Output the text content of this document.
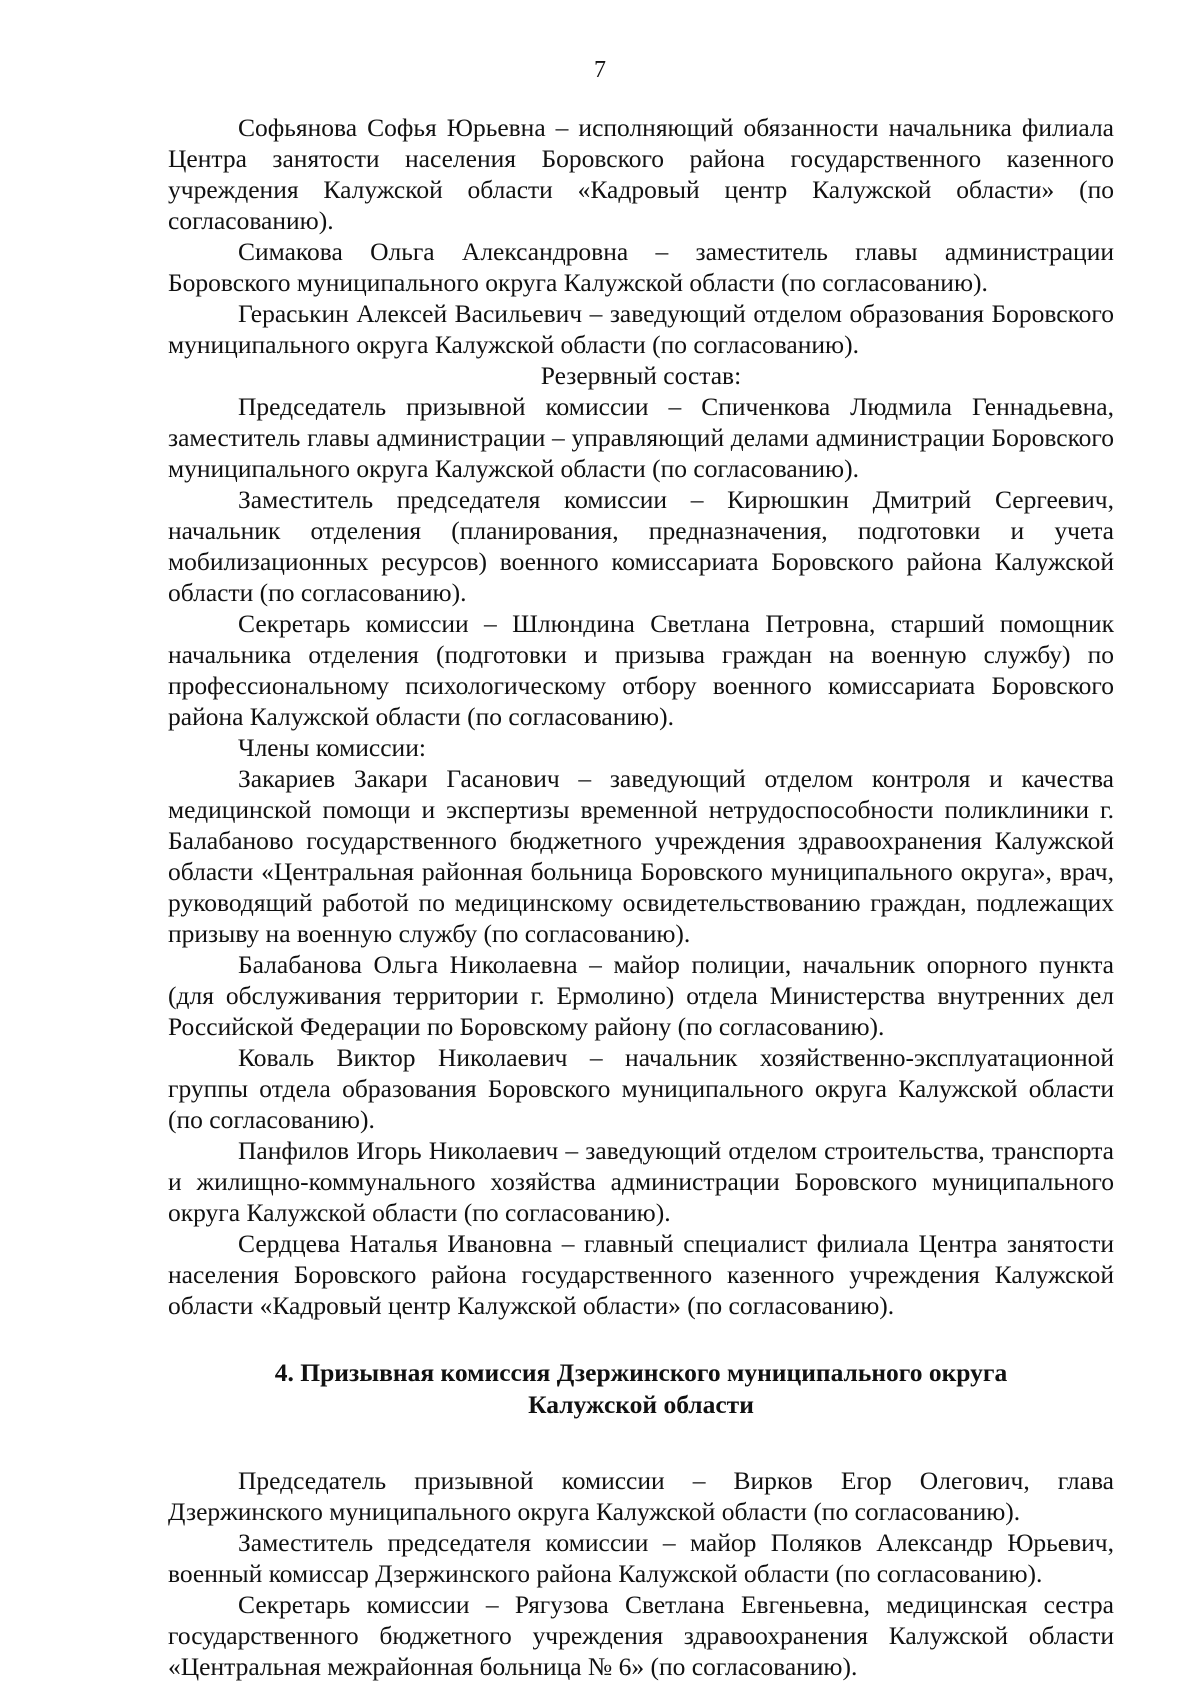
7

Софьянова Софья Юрьевна – исполняющий обязанности начальника филиала Центра занятости населения Боровского района государственного казенного учреждения Калужской области «Кадровый центр Калужской области» (по согласованию).

Симакова Ольга Александровна – заместитель главы администрации Боровского муниципального округа Калужской области (по согласованию).

Гераськин Алексей Васильевич – заведующий отделом образования Боровского муниципального округа Калужской области (по согласованию).

Резервный состав:

Председатель призывной комиссии – Спиченкова Людмила Геннадьевна, заместитель главы администрации – управляющий делами администрации Боровского муниципального округа Калужской области (по согласованию).

Заместитель председателя комиссии – Кирюшкин Дмитрий Сергеевич, начальник отделения (планирования, предназначения, подготовки и учета мобилизационных ресурсов) военного комиссариата Боровского района Калужской области (по согласованию).

Секретарь комиссии – Шлюндина Светлана Петровна, старший помощник начальника отделения (подготовки и призыва граждан на военную службу) по профессиональному психологическому отбору военного комиссариата Боровского района Калужской области (по согласованию).

Члены комиссии:

Закариев Закари Гасанович – заведующий отделом контроля и качества медицинской помощи и экспертизы временной нетрудоспособности поликлиники г. Балабаново государственного бюджетного учреждения здравоохранения Калужской области «Центральная районная больница Боровского муниципального округа», врач, руководящий работой по медицинскому освидетельствованию граждан, подлежащих призыву на военную службу (по согласованию).

Балабанова Ольга Николаевна – майор полиции, начальник опорного пункта (для обслуживания территории г. Ермолино) отдела Министерства внутренних дел Российской Федерации по Боровскому району (по согласованию).

Коваль Виктор Николаевич – начальник хозяйственно-эксплуатационной группы отдела образования Боровского муниципального округа Калужской области (по согласованию).

Панфилов Игорь Николаевич – заведующий отделом строительства, транспорта и жилищно-коммунального хозяйства администрации Боровского муниципального округа Калужской области (по согласованию).

Сердцева Наталья Ивановна – главный специалист филиала Центра занятости населения Боровского района государственного казенного учреждения Калужской области «Кадровый центр Калужской области» (по согласованию).

4. Призывная комиссия Дзержинского муниципального округа
Калужской области

Председатель призывной комиссии – Вирков Егор Олегович, глава Дзержинского муниципального округа Калужской области (по согласованию).

Заместитель председателя комиссии – майор Поляков Александр Юрьевич, военный комиссар Дзержинского района Калужской области (по согласованию).

Секретарь комиссии – Рягузова Светлана Евгеньевна, медицинская сестра государственного бюджетного учреждения здравоохранения Калужской области «Центральная межрайонная больница № 6» (по согласованию).
